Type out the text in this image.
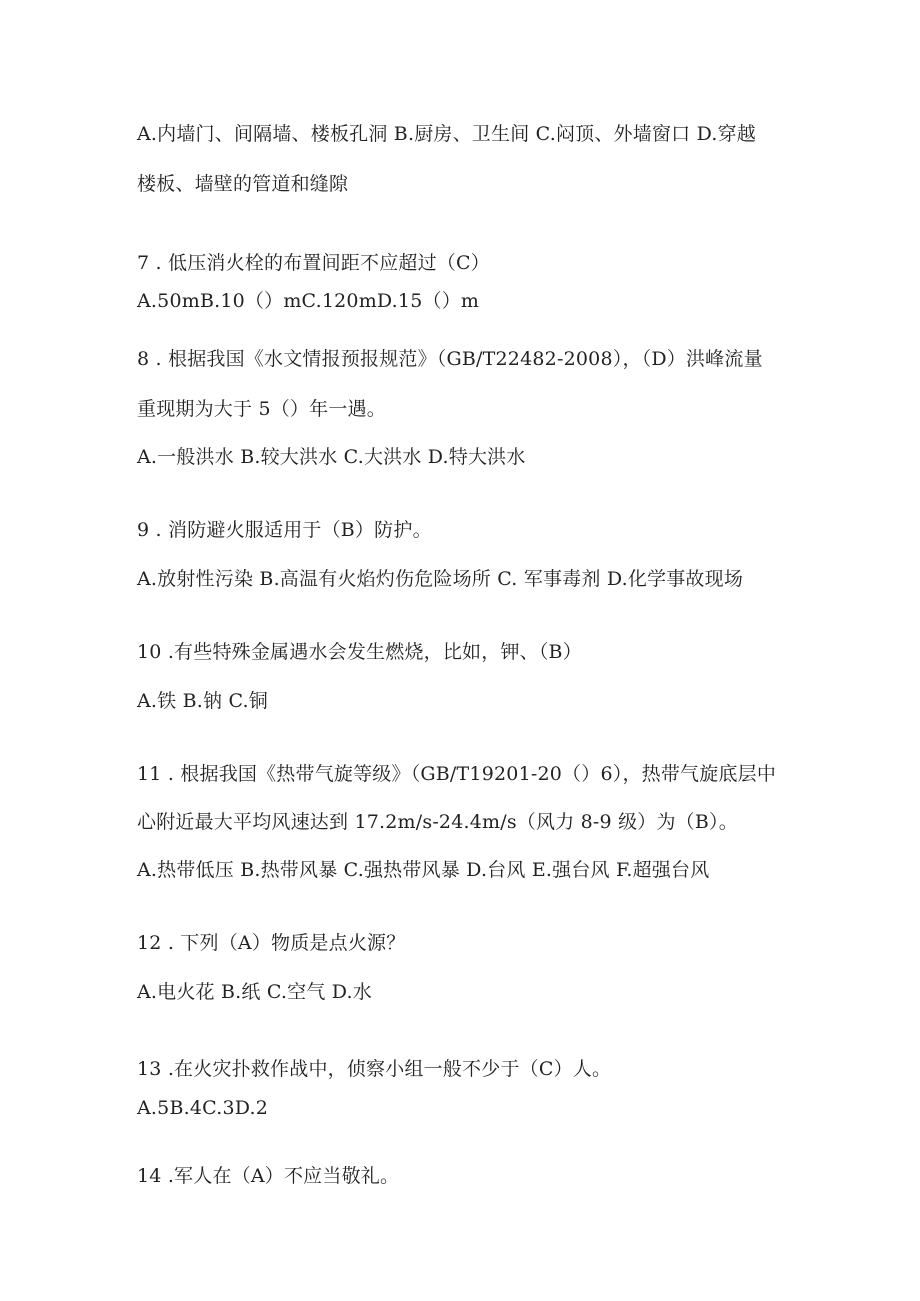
A.内墙门、间隔墙、楼板孔洞 B.厨房、卫生间 C.闷顶、外墙窗口 D.穿越
楼板、墙壁的管道和缝隙
7 . 低压消火栓的布置间距不应超过（C）
A.50mB.10（）mC.120mD.15（）m
8 . 根据我国《水文情报预报规范》（GB/T22482-2008），（D）洪峰流量
重现期为大于 5（）年一遇。
A.一般洪水 B.较大洪水 C.大洪水 D.特大洪水
9 . 消防避火服适用于（B）防护。
A.放射性污染 B.高温有火焰灼伤危险场所 C. 军事毒剂 D.化学事故现场
10 .有些特殊金属遇水会发生燃烧，比如，钾、（B）
A.铁 B.钠 C.铜
11 . 根据我国《热带气旋等级》（GB/T19201-20（）6），热带气旋底层中
心附近最大平均风速达到 17.2m/s-24.4m/s（风力 8-9 级）为（B）。
A.热带低压 B.热带风暴 C.强热带风暴 D.台风 E.强台风 F.超强台风
12 . 下列（A）物质是点火源？
A.电火花 B.纸 C.空气 D.水
13 .在火灾扑救作战中，侦察小组一般不少于（C）人。
A.5B.4C.3D.2
14 .军人在（A）不应当敬礼。
